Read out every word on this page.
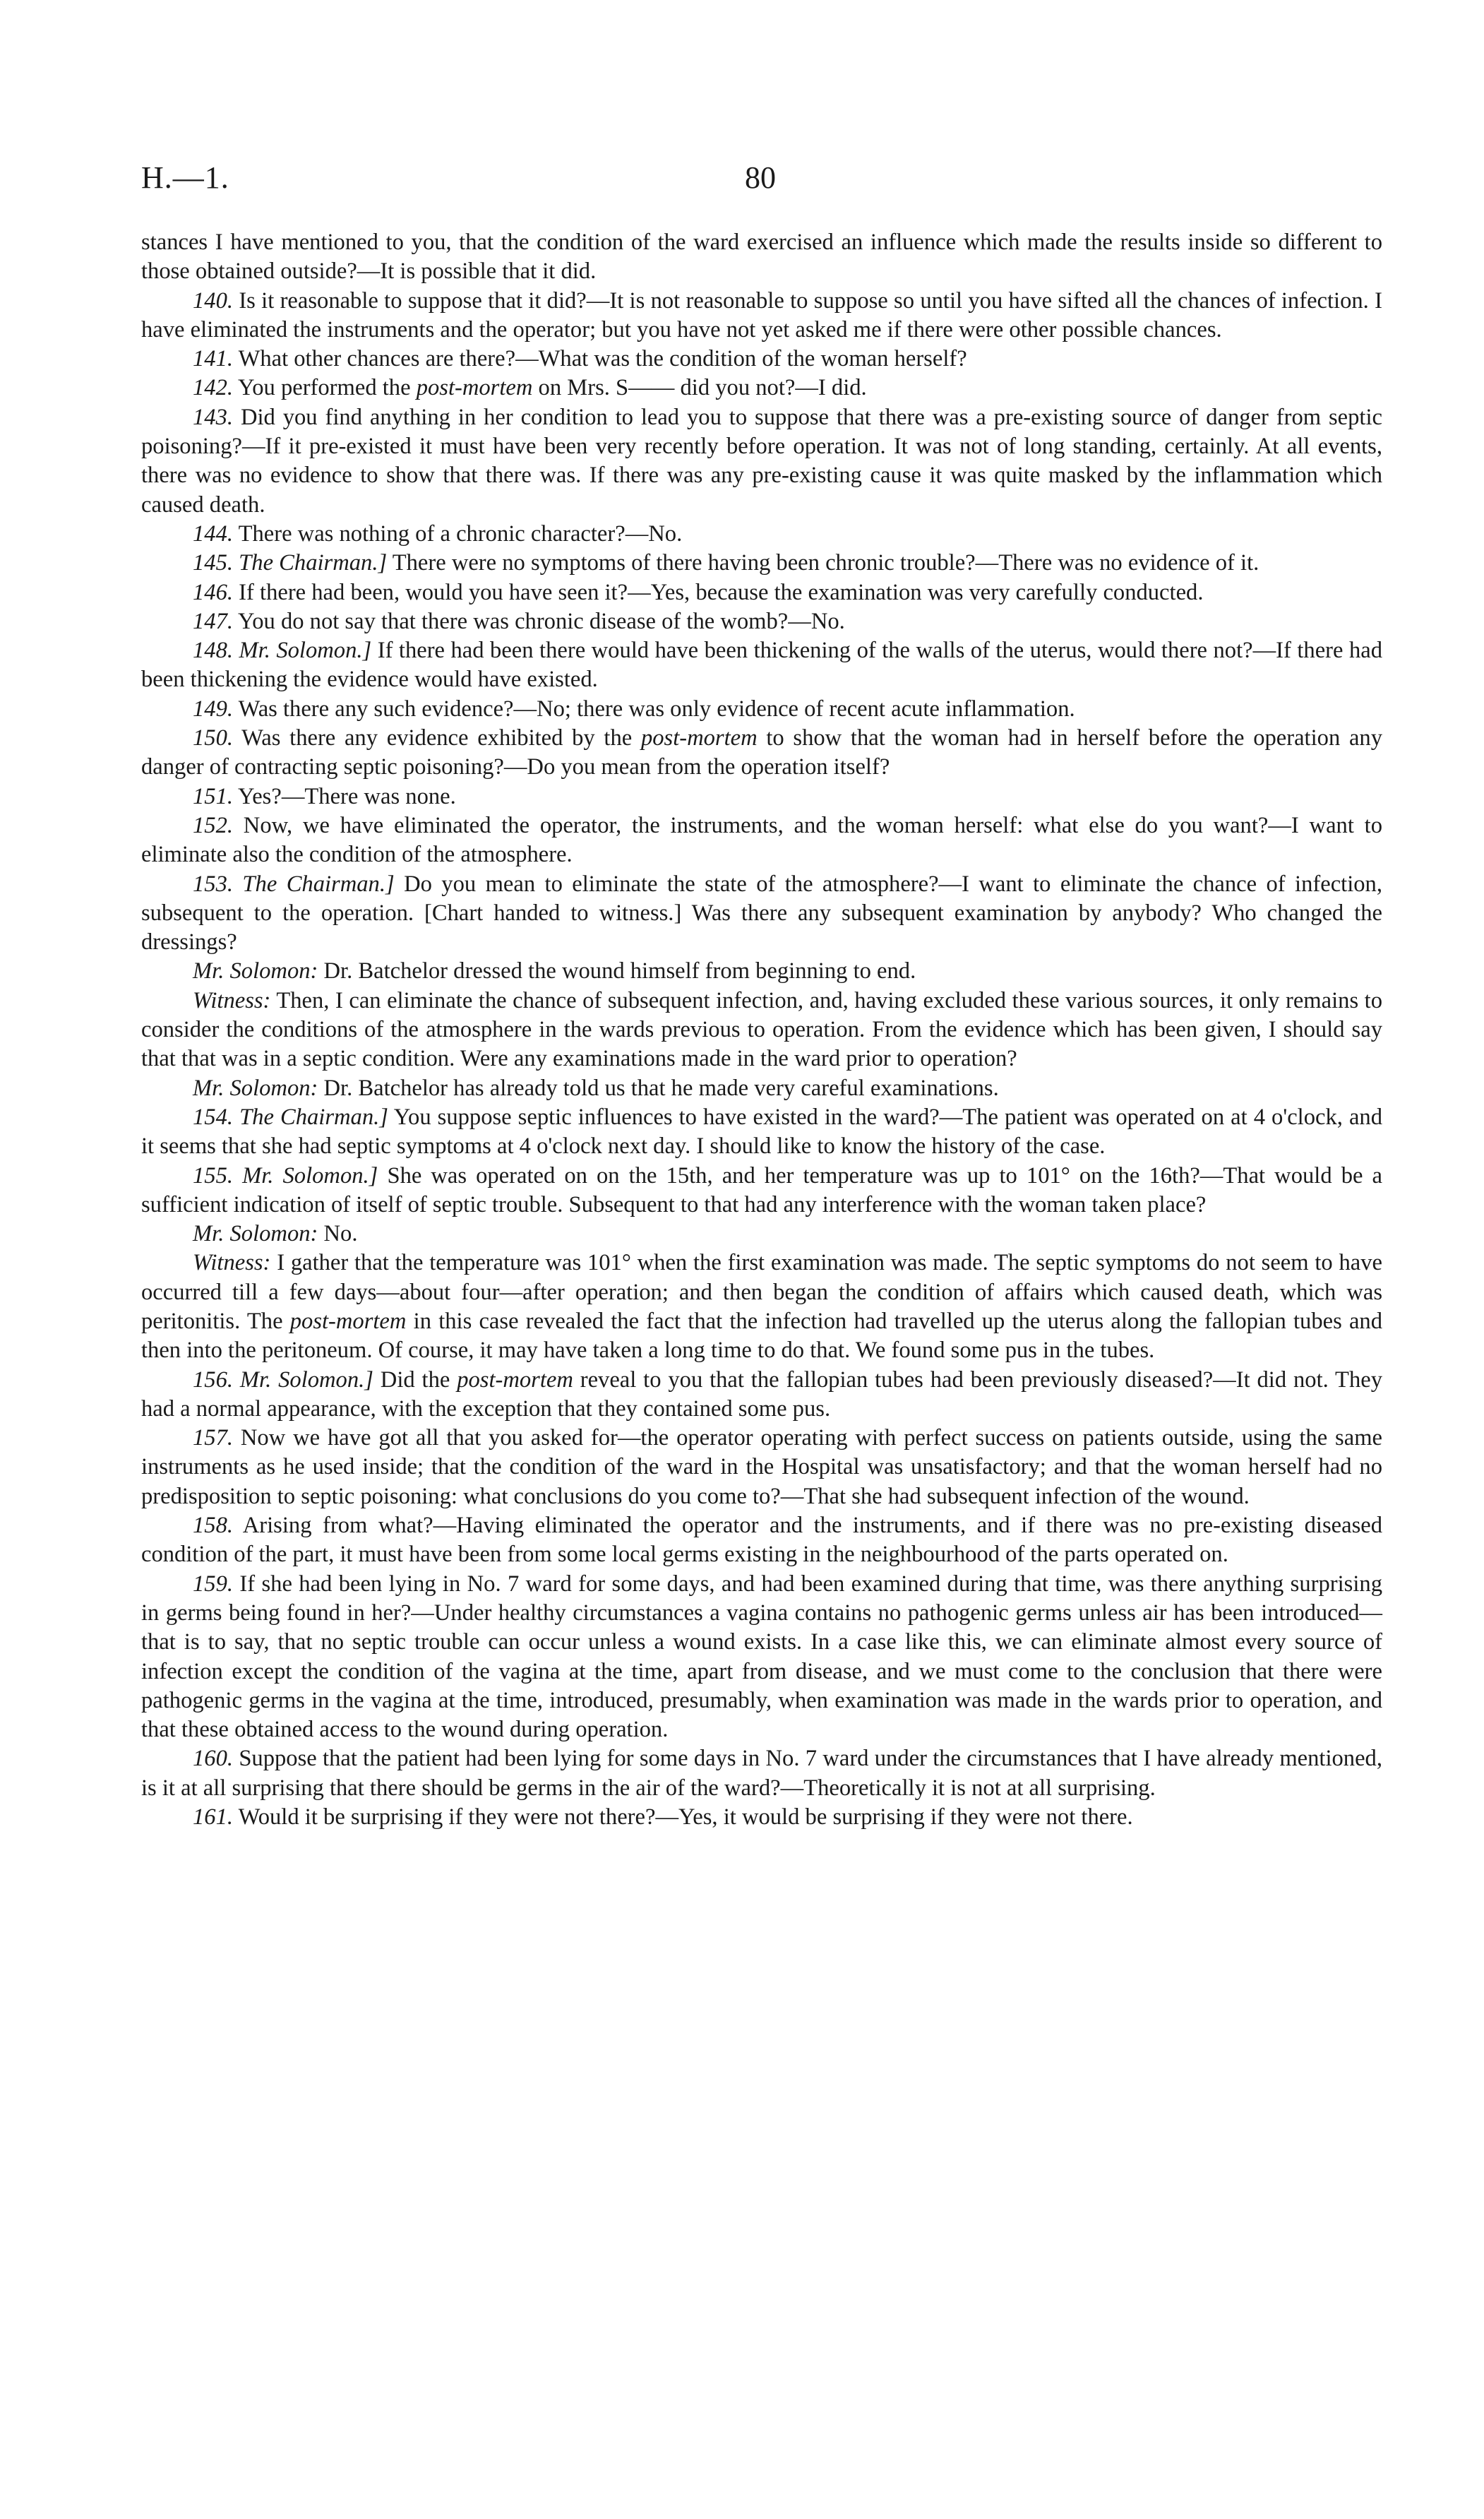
H.—1.	80

stances I have mentioned to you, that the condition of the ward exercised an influence which made the results inside so different to those obtained outside?—It is possible that it did.

140. Is it reasonable to suppose that it did?—It is not reasonable to suppose so until you have sifted all the chances of infection. I have eliminated the instruments and the operator; but you have not yet asked me if there were other possible chances.

141. What other chances are there?—What was the condition of the woman herself?

142. You performed the post-mortem on Mrs. S—— did you not?—I did.

143. Did you find anything in her condition to lead you to suppose that there was a pre-existing source of danger from septic poisoning?—If it pre-existed it must have been very recently before operation. It was not of long standing, certainly. At all events, there was no evidence to show that there was. If there was any pre-existing cause it was quite masked by the inflammation which caused death.

144. There was nothing of a chronic character?—No.

145. The Chairman.] There were no symptoms of there having been chronic trouble?—There was no evidence of it.

146. If there had been, would you have seen it?—Yes, because the examination was very carefully conducted.

147. You do not say that there was chronic disease of the womb?—No.

148. Mr. Solomon.] If there had been there would have been thickening of the walls of the uterus, would there not?—If there had been thickening the evidence would have existed.

149. Was there any such evidence?—No; there was only evidence of recent acute inflammation.

150. Was there any evidence exhibited by the post-mortem to show that the woman had in herself before the operation any danger of contracting septic poisoning?—Do you mean from the operation itself?

151. Yes?—There was none.

152. Now, we have eliminated the operator, the instruments, and the woman herself: what else do you want?—I want to eliminate also the condition of the atmosphere.

153. The Chairman.] Do you mean to eliminate the state of the atmosphere?—I want to eliminate the chance of infection, subsequent to the operation. [Chart handed to witness.] Was there any subsequent examination by anybody? Who changed the dressings?

Mr. Solomon: Dr. Batchelor dressed the wound himself from beginning to end.

Witness: Then, I can eliminate the chance of subsequent infection, and, having excluded these various sources, it only remains to consider the conditions of the atmosphere in the wards previous to operation. From the evidence which has been given, I should say that that was in a septic condition. Were any examinations made in the ward prior to operation?

Mr. Solomon: Dr. Batchelor has already told us that he made very careful examinations.

154. The Chairman.] You suppose septic influences to have existed in the ward?—The patient was operated on at 4 o'clock, and it seems that she had septic symptoms at 4 o'clock next day. I should like to know the history of the case.

155. Mr. Solomon.] She was operated on on the 15th, and her temperature was up to 101° on the 16th?—That would be a sufficient indication of itself of septic trouble. Subsequent to that had any interference with the woman taken place?

Mr. Solomon: No.

Witness: I gather that the temperature was 101° when the first examination was made. The septic symptoms do not seem to have occurred till a few days—about four—after operation; and then began the condition of affairs which caused death, which was peritonitis. The post-mortem in this case revealed the fact that the infection had travelled up the uterus along the fallopian tubes and then into the peritoneum. Of course, it may have taken a long time to do that. We found some pus in the tubes.

156. Mr. Solomon.] Did the post-mortem reveal to you that the fallopian tubes had been previously diseased?—It did not. They had a normal appearance, with the exception that they contained some pus.

157. Now we have got all that you asked for—the operator operating with perfect success on patients outside, using the same instruments as he used inside; that the condition of the ward in the Hospital was unsatisfactory; and that the woman herself had no predisposition to septic poisoning: what conclusions do you come to?—That she had subsequent infection of the wound.

158. Arising from what?—Having eliminated the operator and the instruments, and if there was no pre-existing diseased condition of the part, it must have been from some local germs existing in the neighbourhood of the parts operated on.

159. If she had been lying in No. 7 ward for some days, and had been examined during that time, was there anything surprising in germs being found in her?—Under healthy circumstances a vagina contains no pathogenic germs unless air has been introduced—that is to say, that no septic trouble can occur unless a wound exists. In a case like this, we can eliminate almost every source of infection except the condition of the vagina at the time, apart from disease, and we must come to the conclusion that there were pathogenic germs in the vagina at the time, introduced, presumably, when examination was made in the wards prior to operation, and that these obtained access to the wound during operation.

160. Suppose that the patient had been lying for some days in No. 7 ward under the circumstances that I have already mentioned, is it at all surprising that there should be germs in the air of the ward?—Theoretically it is not at all surprising.

161. Would it be surprising if they were not there?—Yes, it would be surprising if they were not there.
